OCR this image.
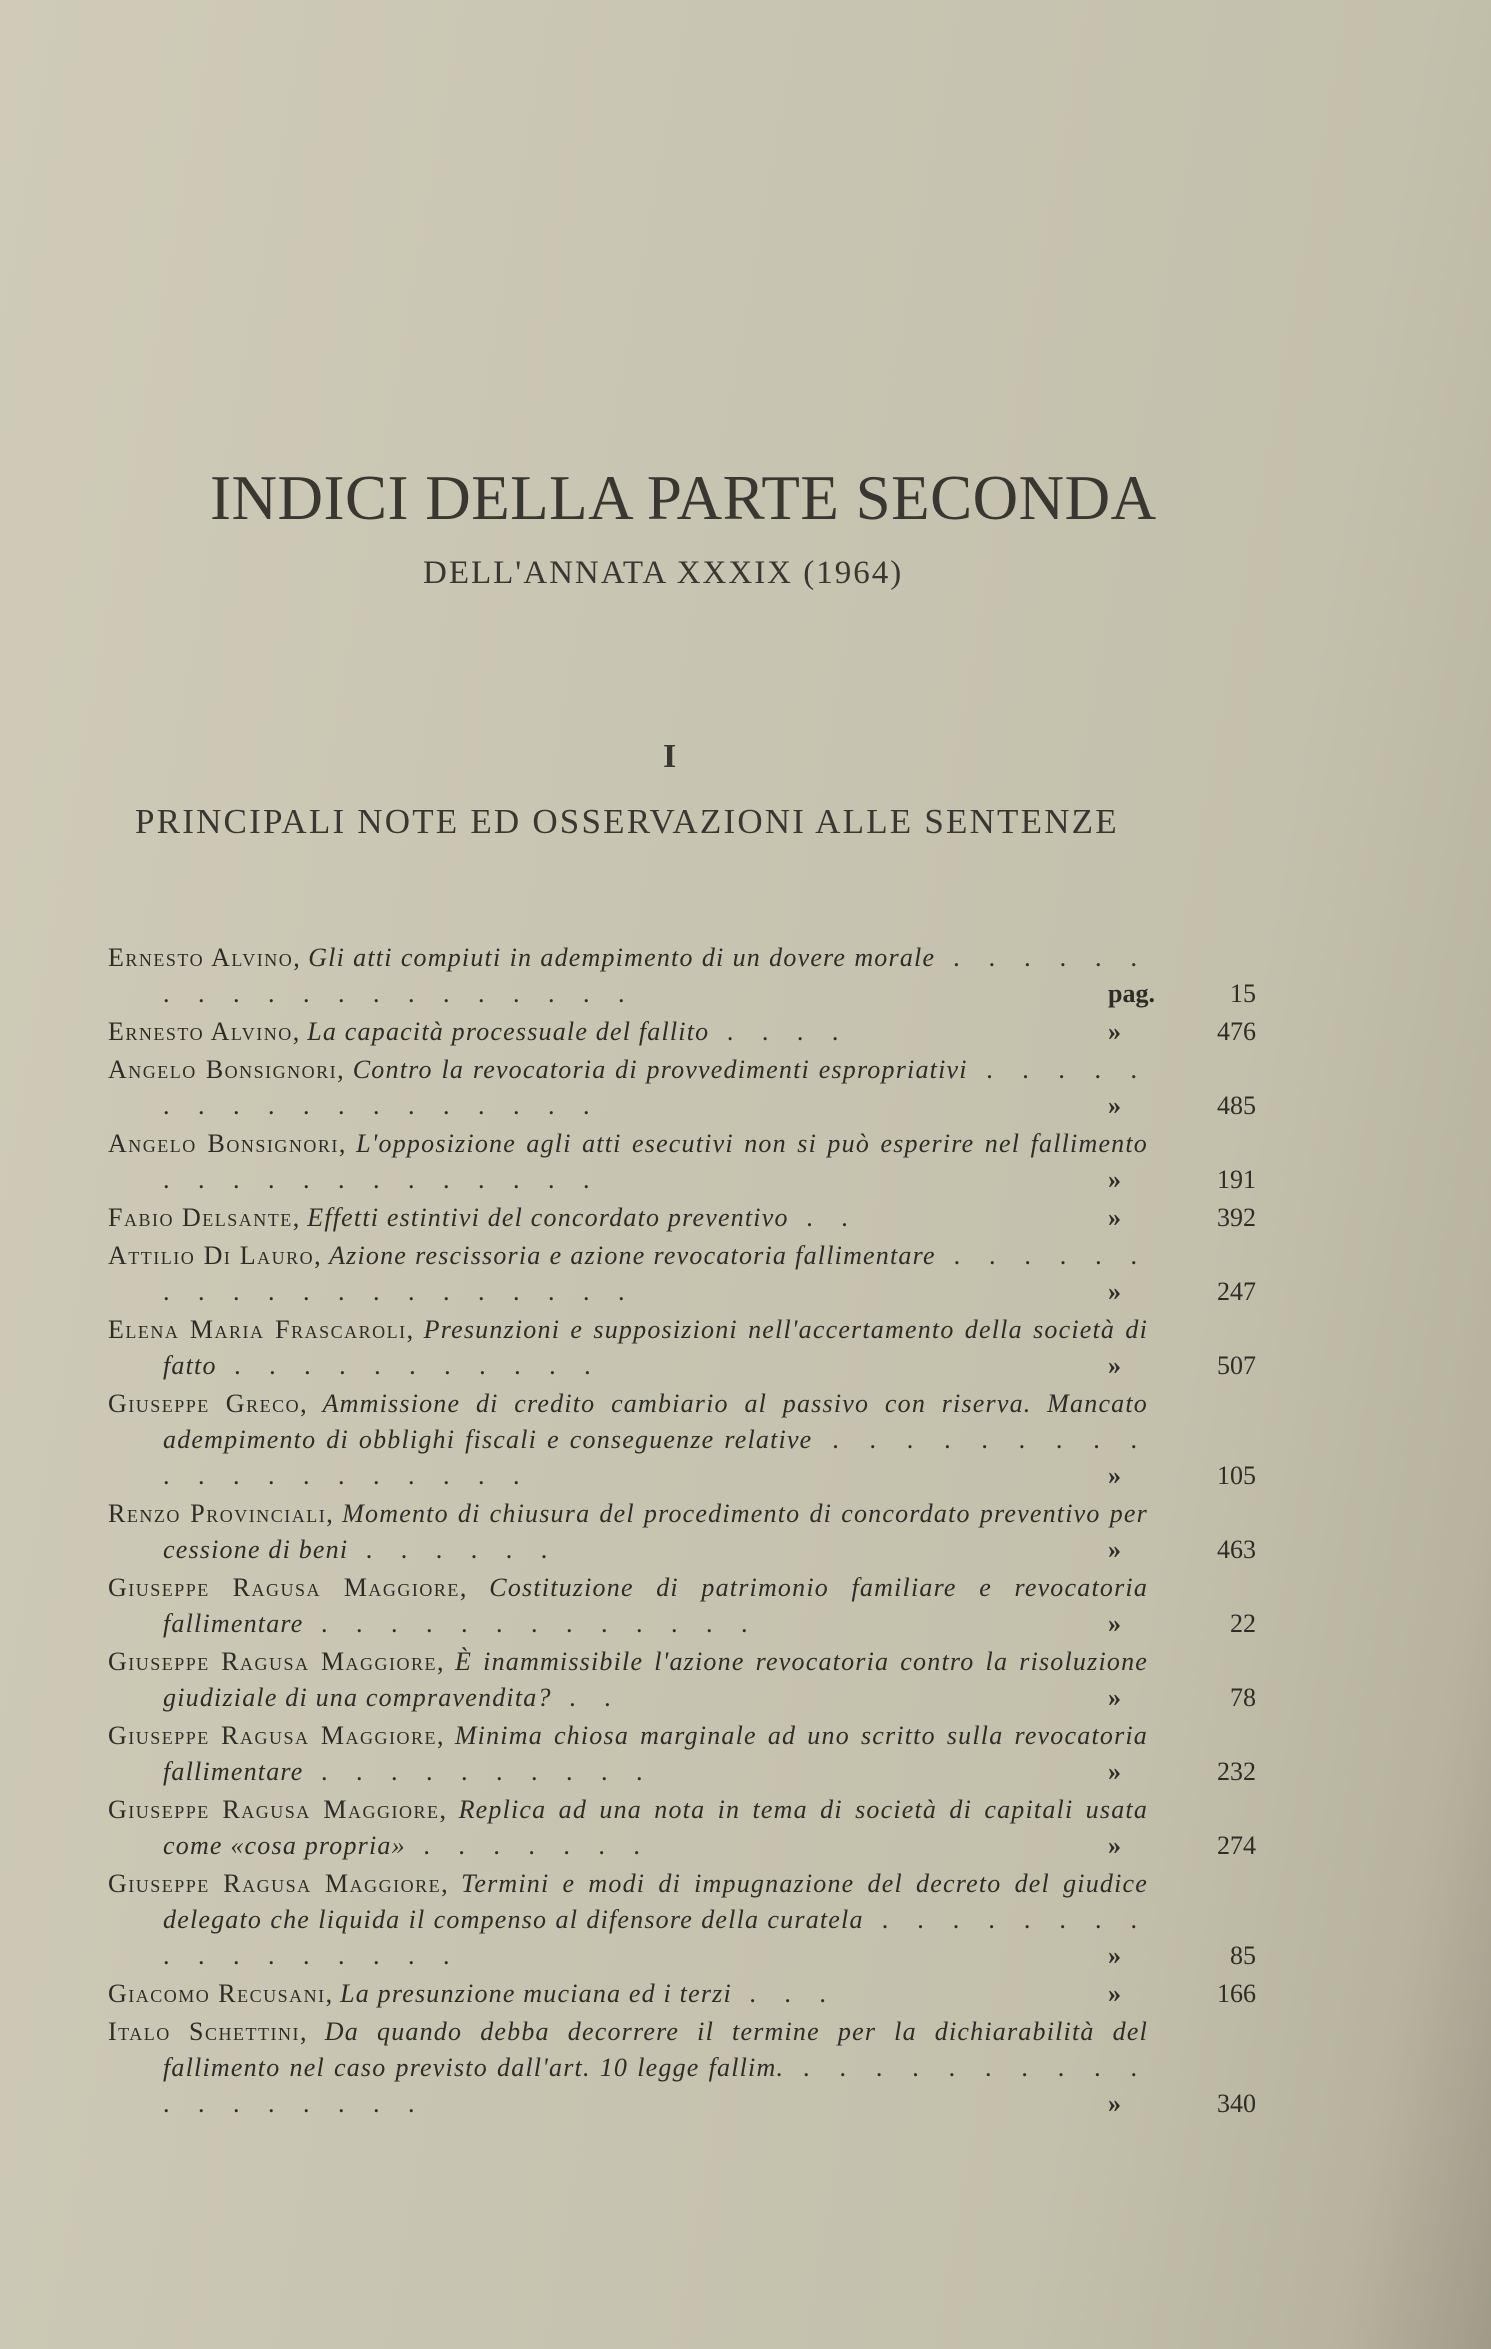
INDICI DELLA PARTE SECONDA
DELL'ANNATA XXXIX (1964)
I
PRINCIPALI NOTE ED OSSERVAZIONI ALLE SENTENZE
Ernesto Alvino, Gli atti compiuti in adempimento di un dovere morale . . . . . . . . . . . . . . . . . . . .	pag.	15
Ernesto Alvino, La capacità processuale del fallito . . . .	»	476
Angelo Bonsignori, Contro la revocatoria di provvedimenti espropriativi . . . . . . . . . . . . . . . . . .	»	485
Angelo Bonsignori, L'opposizione agli atti esecutivi non si può esperire nel fallimento . . . . . . . . . . . . .	»	191
Fabio Delsante, Effetti estintivi del concordato preventivo . .	»	392
Attilio Di Lauro, Azione rescissoria e azione revocatoria fallimentare . . . . . . . . . . . . . . . . . . . .	»	247
Elena Maria Frascaroli, Presunzioni e supposizioni nell'accertamento della società di fatto . . . . . . . . . . .	»	507
Giuseppe Greco, Ammissione di credito cambiario al passivo con riserva. Mancato adempimento di obblighi fiscali e conseguenze relative . . . . . . . . . . . . . . . . . . . .	»	105
Renzo Provinciali, Momento di chiusura del procedimento di concordato preventivo per cessione di beni . . . . . .	»	463
Giuseppe Ragusa Maggiore, Costituzione di patrimonio familiare e revocatoria fallimentare . . . . . . . . . . . . .	»	22
Giuseppe Ragusa Maggiore, È inammissibile l'azione revocatoria contro la risoluzione giudiziale di una compravendita? . .	»	78
Giuseppe Ragusa Maggiore, Minima chiosa marginale ad uno scritto sulla revocatoria fallimentare . . . . . . . . . .	»	232
Giuseppe Ragusa Maggiore, Replica ad una nota in tema di società di capitali usata come «cosa propria» . . . . . . .	»	274
Giuseppe Ragusa Maggiore, Termini e modi di impugnazione del decreto del giudice delegato che liquida il compenso al difensore della curatela . . . . . . . . . . . . . . . . .	»	85
Giacomo Recusani, La presunzione muciana ed i terzi . . .	»	166
Italo Schettini, Da quando debba decorrere il termine per la dichiarabilità del fallimento nel caso previsto dall'art. 10 legge fallim. . . . . . . . . . . . . . . . . . .	»	340
